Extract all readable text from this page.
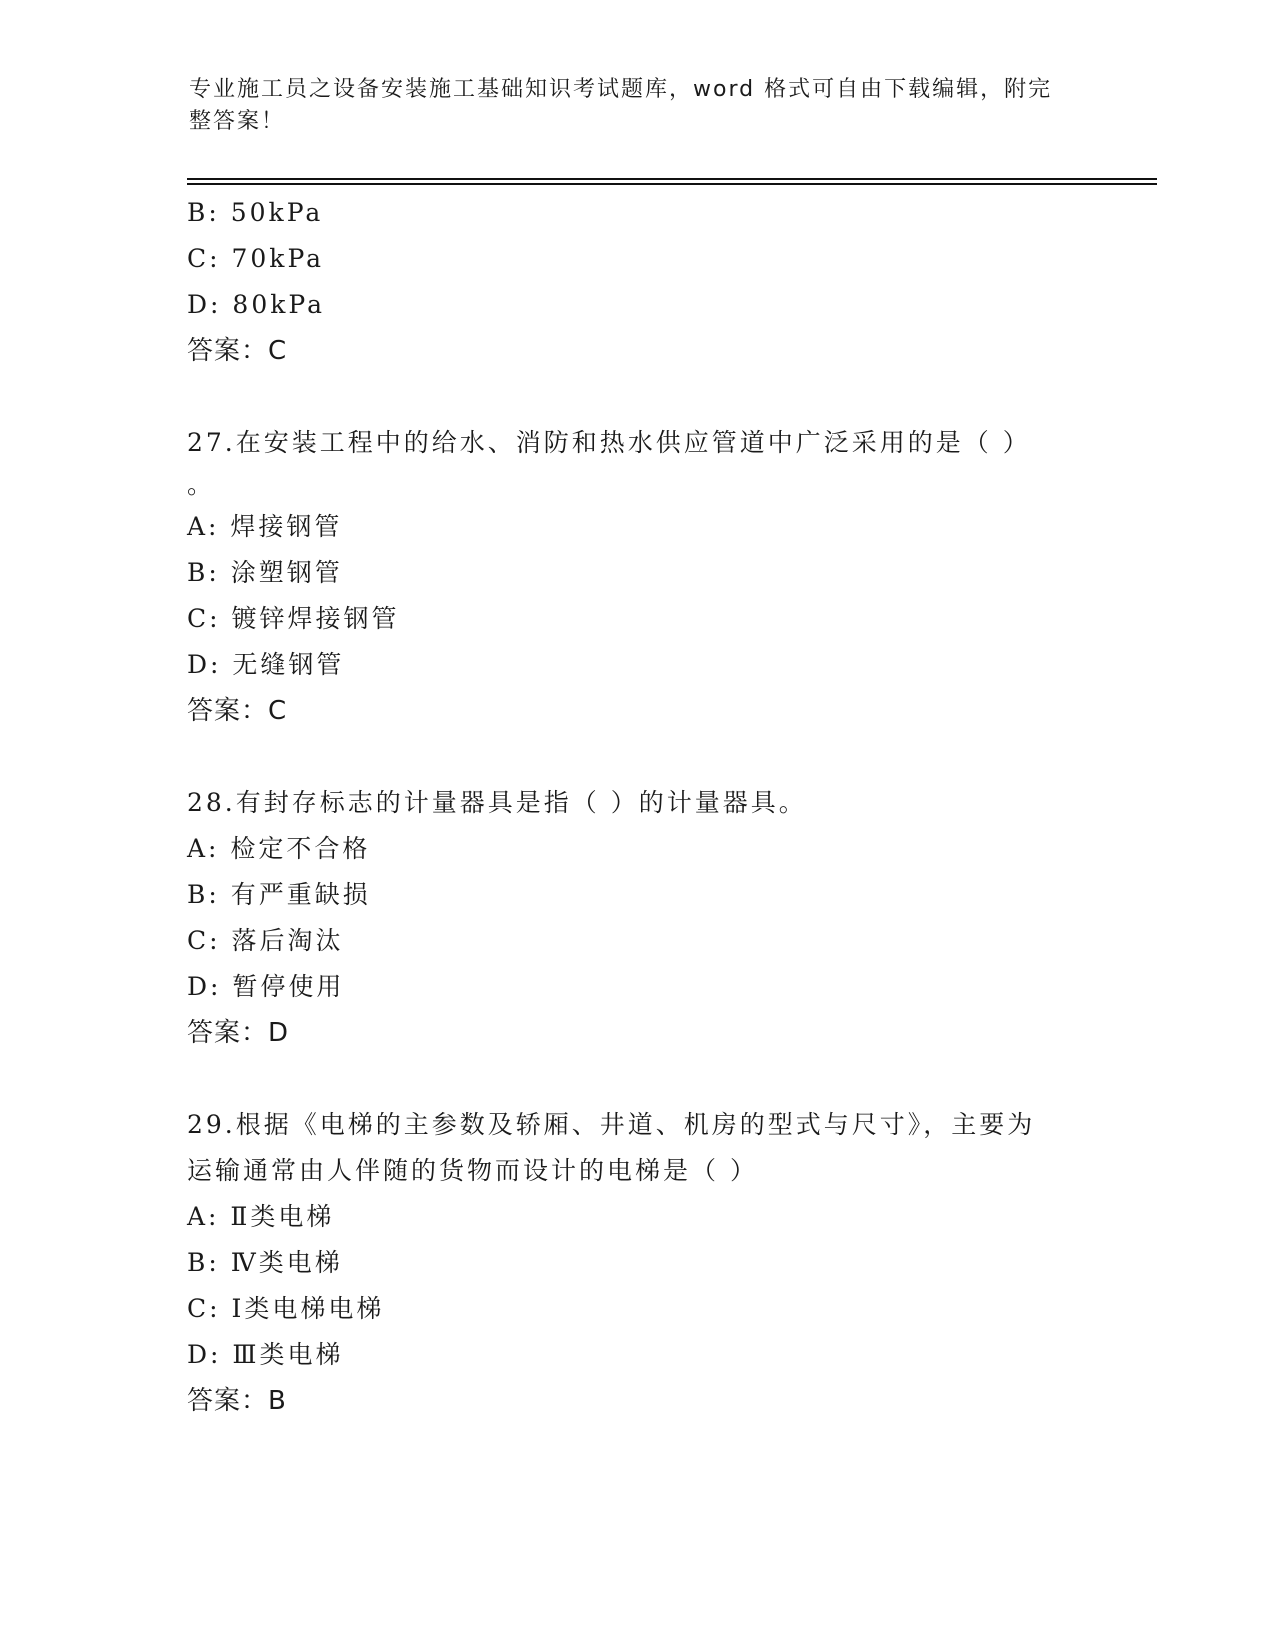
专业施工员之设备安装施工基础知识考试题库，word 格式可自由下载编辑，附完
整答案！
B: 50kPa
C: 70kPa
D: 80kPa
答案：C
27.在安装工程中的给水、消防和热水供应管道中广泛采用的是（ ）
。
A: 焊接钢管
B: 涂塑钢管
C: 镀锌焊接钢管
D: 无缝钢管
答案：C
28.有封存标志的计量器具是指（ ）的计量器具。
A: 检定不合格
B: 有严重缺损
C: 落后淘汰
D: 暂停使用
答案：D
29.根据《电梯的主参数及轿厢、井道、机房的型式与尺寸》，主要为
运输通常由人伴随的货物而设计的电梯是（ ）
A: Ⅱ类电梯
B: Ⅳ类电梯
C: Ⅰ类电梯电梯
D: Ⅲ类电梯
答案：B
